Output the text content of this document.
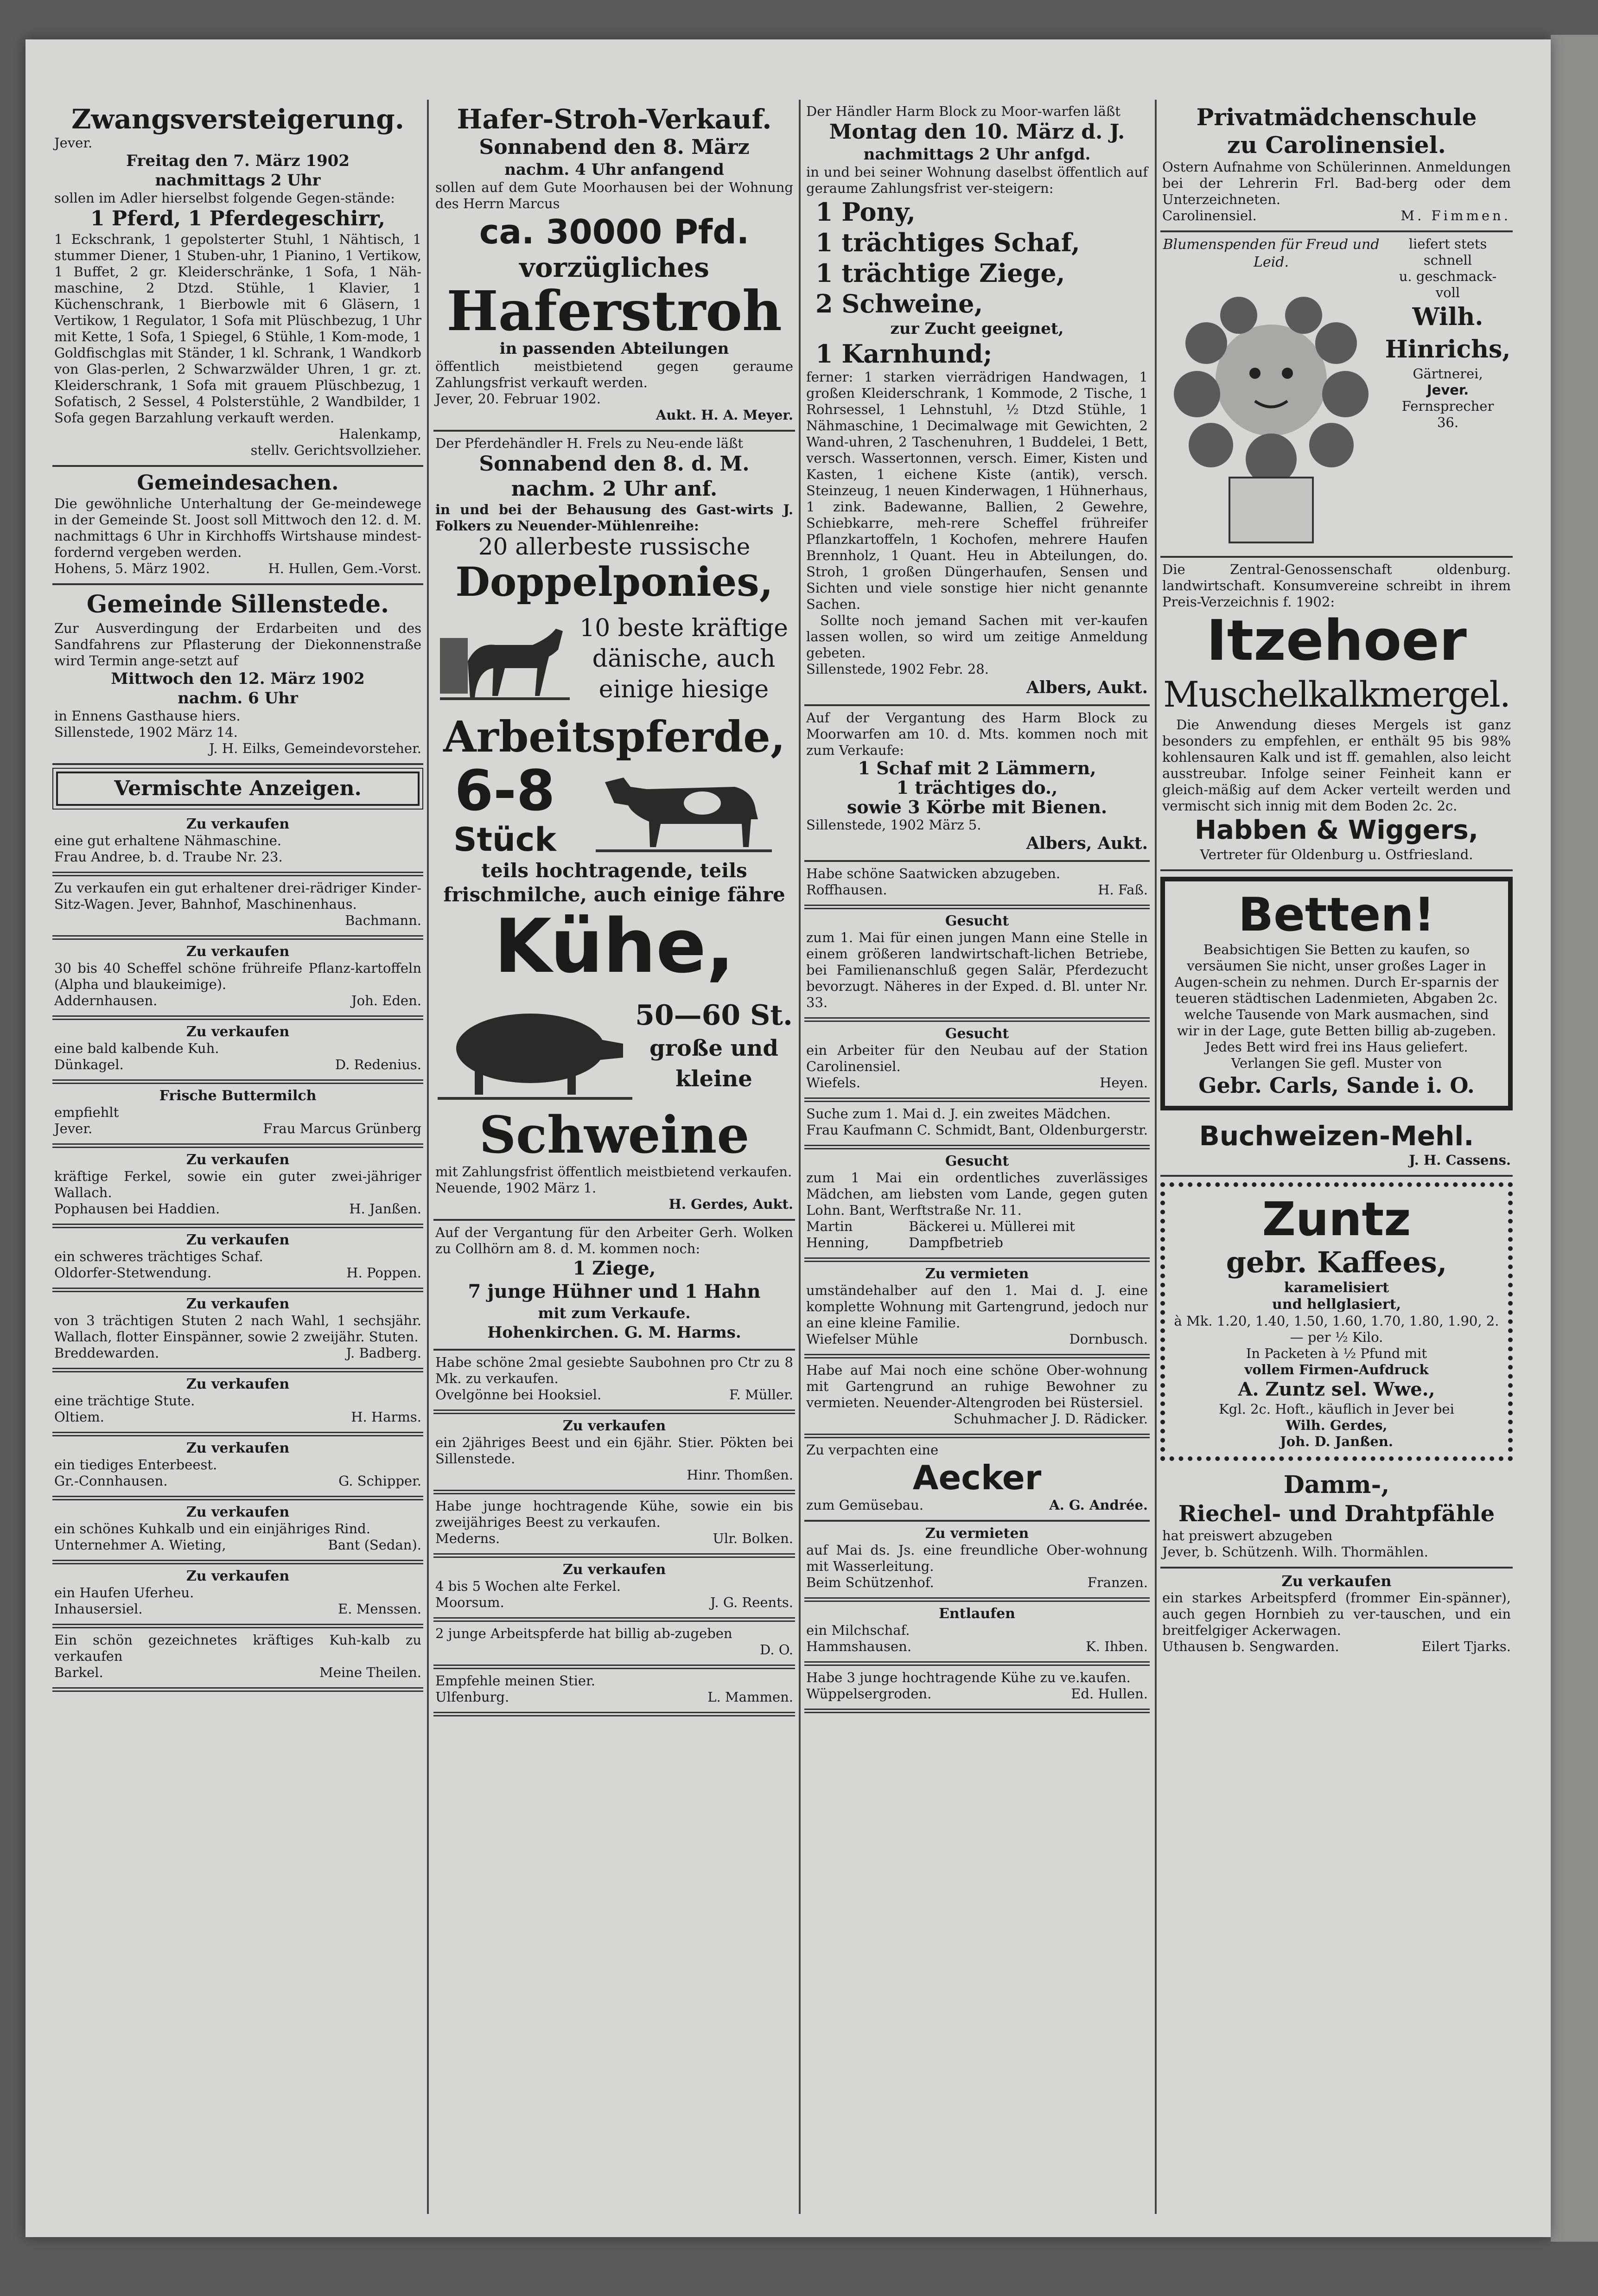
Zwangsversteigerung.

Jever.

Freitag den 7. März 1902
nachmittags 2 Uhr

sollen im Adler hierselbst folgende Gegen-stände:

1 Pferd, 1 Pferdegeschirr,

1 Eckschrank, 1 gepolsterter Stuhl, 1 Nähtisch, 1 stummer Diener, 1 Stuben-uhr, 1 Pianino, 1 Vertikow, 1 Buffet, 2 gr. Kleiderschränke, 1 Sofa, 1 Näh-maschine, 2 Dtzd. Stühle, 1 Klavier, 1 Küchenschrank, 1 Bierbowle mit 6 Gläsern, 1 Vertikow, 1 Regulator, 1 Sofa mit Plüschbezug, 1 Uhr mit Kette, 1 Sofa, 1 Spiegel, 6 Stühle, 1 Kom-mode, 1 Goldfischglas mit Ständer, 1 kl. Schrank, 1 Wandkorb von Glas-perlen, 2 Schwarzwälder Uhren, 1 gr. zt. Kleiderschrank, 1 Sofa mit grauem Plüschbezug, 1 Sofatisch, 2 Sessel, 4 Polsterstühle, 2 Wandbilder, 1 Sofa gegen Barzahlung verkauft werden.

Halenkamp,

stellv. Gerichtsvollzieher.

Gemeindesachen.

Die gewöhnliche Unterhaltung der Ge-meindewege in der Gemeinde St. Joost soll Mittwoch den 12. d. M. nachmittags 6 Uhr in Kirchhoffs Wirtshause mindest-fordernd vergeben werden.

Hohens, 5. März 1902.	H. Hullen, Gem.-Vorst.
Gemeinde Sillenstede.

Zur Ausverdingung der Erdarbeiten und des Sandfahrens zur Pflasterung der Diekonnenstraße wird Termin ange-setzt auf

Mittwoch den 12. März 1902
nachm. 6 Uhr

in Ennens Gasthause hiers.

Sillenstede, 1902 März 14.

J. H. Eilks, Gemeindevorsteher.

Vermischte Anzeigen.
Zu verkaufen

eine gut erhaltene Nähmaschine.

Frau Andree, b. d. Traube Nr. 23.

Zu verkaufen ein gut erhaltener drei-rädriger Kinder-Sitz-Wagen. Jever, Bahnhof, Maschinenhaus.

Bachmann.
Zu verkaufen

30 bis 40 Scheffel schöne frühreife Pflanz-kartoffeln (Alpha und blaukeimige).

Addernhausen.	Joh. Eden.
Zu verkaufen

eine bald kalbende Kuh.

Dünkagel.	D. Redenius.
Frische Buttermilch

empfiehlt

Jever.	Frau Marcus Grünberg
Zu verkaufen

kräftige Ferkel, sowie ein guter zwei-jähriger Wallach.

Pophausen bei Haddien.	H. Janßen.
Zu verkaufen

ein schweres trächtiges Schaf.

Oldorfer-Stetwendung.	H. Poppen.
Zu verkaufen

von 3 trächtigen Stuten 2 nach Wahl, 1 sechsjähr. Wallach, flotter Einspänner, sowie 2 zweijähr. Stuten.

Breddewarden.	J. Badberg.
Zu verkaufen

eine trächtige Stute.

Oltiem.	H. Harms.
Zu verkaufen

ein tiediges Enterbeest.

Gr.-Connhausen.	G. Schipper.
Zu verkaufen

ein schönes Kuhkalb und ein einjähriges Rind.

Unternehmer A. Wieting,	Bant (Sedan).
Zu verkaufen

ein Haufen Uferheu.

Inhausersiel.	E. Menssen.

Ein schön gezeichnetes kräftiges Kuh-kalb zu verkaufen

Barkel.	Meine Theilen.
Hafer-Stroh-Verkauf.
Sonnabend den 8. März
nachm. 4 Uhr anfangend

sollen auf dem Gute Moorhausen bei der Wohnung des Herrn Marcus

ca. 30000 Pfd.
vorzügliches
Haferstroh
in passenden Abteilungen

öffentlich meistbietend gegen geraume Zahlungsfrist verkauft werden.

Jever, 20. Februar 1902.

Aukt. H. A. Meyer.

Der Pferdehändler H. Frels zu Neu-ende läßt

Sonnabend den 8. d. M.
nachm. 2 Uhr anf.

in und bei der Behausung des Gast-wirts J. Folkers zu Neuender-Mühlenreihe:

20 allerbeste russische
Doppelponies,
10 beste kräftige
dänische, auch
einige hiesige
Arbeitspferde,
6-8
Stück
teils hochtragende, teils frischmilche, auch einige fähre
Kühe,
50—60 St.
große und
kleine
Schweine

mit Zahlungsfrist öffentlich meistbietend verkaufen.

Neuende, 1902 März 1.

H. Gerdes, Aukt.

Auf der Vergantung für den Arbeiter Gerh. Wolken zu Collhörn am 8. d. M. kommen noch:

1 Ziege,
7 junge Hühner und 1 Hahn
mit zum Verkaufe.
Hohenkirchen. G. M. Harms.

Habe schöne 2mal gesiebte Saubohnen pro Ctr zu 8 Mk. zu verkaufen.

Ovelgönne bei Hooksiel.	F. Müller.
Zu verkaufen

ein 2jähriges Beest und ein 6jähr. Stier. Pökten bei Sillenstede.

Hinr. Thomßen.

Habe junge hochtragende Kühe, sowie ein bis zweijähriges Beest zu verkaufen.

Mederns.	Ulr. Bolken.
Zu verkaufen

4 bis 5 Wochen alte Ferkel.

Moorsum.	J. G. Reents.

2 junge Arbeitspferde hat billig ab-zugeben

D. O.

Empfehle meinen Stier.

Ulfenburg.	L. Mammen.

Der Händler Harm Block zu Moor-warfen läßt

Montag den 10. März d. J.
nachmittags 2 Uhr anfgd.

in und bei seiner Wohnung daselbst öffentlich auf geraume Zahlungsfrist ver-steigern:

1 Pony,
1 trächtiges Schaf,
1 trächtige Ziege,
2 Schweine,
zur Zucht geeignet,
1 Karnhund;

ferner: 1 starken vierrädrigen Handwagen, 1 großen Kleiderschrank, 1 Kommode, 2 Tische, 1 Rohrsessel, 1 Lehnstuhl, ½ Dtzd Stühle, 1 Nähmaschine, 1 Decimalwage mit Gewichten, 2 Wand-uhren, 2 Taschenuhren, 1 Buddelei, 1 Bett, versch. Wassertonnen, versch. Eimer, Kisten und Kasten, 1 eichene Kiste (antik), versch. Steinzeug, 1 neuen Kinderwagen, 1 Hühnerhaus, 1 zink. Badewanne, Ballien, 2 Gewehre, Schiebkarre, meh-rere Scheffel frühreifer Pflanzkartoffeln, 1 Kochofen, mehrere Haufen Brennholz, 1 Quant. Heu in Abteilungen, do. Stroh, 1 großen Düngerhaufen, Sensen und Sichten und viele sonstige hier nicht genannte Sachen.

Sollte noch jemand Sachen mit ver-kaufen lassen wollen, so wird um zeitige Anmeldung gebeten.

Sillenstede, 1902 Febr. 28.

Albers, Aukt.

Auf der Vergantung des Harm Block zu Moorwarfen am 10. d. Mts. kommen noch mit zum Verkaufe:

1 Schaf mit 2 Lämmern,
1 trächtiges do.,
sowie 3 Körbe mit Bienen.

Sillenstede, 1902 März 5.

Albers, Aukt.

Habe schöne Saatwicken abzugeben.

Roffhausen.	H. Faß.
Gesucht

zum 1. Mai für einen jungen Mann eine Stelle in einem größeren landwirtschaft-lichen Betriebe, bei Familienanschluß gegen Salär, Pferdezucht bevorzugt. Näheres in der Exped. d. Bl. unter Nr. 33.

Gesucht

ein Arbeiter für den Neubau auf der Station Carolinensiel.

Wiefels.	Heyen.

Suche zum 1. Mai d. J. ein zweites Mädchen.

Frau Kaufmann C. Schmidt, Bant, Oldenburgerstr.
Gesucht

zum 1 Mai ein ordentliches zuverlässiges Mädchen, am liebsten vom Lande, gegen guten Lohn. Bant, Werftstraße Nr. 11.

Martin Henning,
Bäckerei u. Müllerei mit Dampfbetrieb
Zu vermieten

umständehalber auf den 1. Mai d. J. eine komplette Wohnung mit Gartengrund, jedoch nur an eine kleine Familie.

Wiefelser Mühle	Dornbusch.

Habe auf Mai noch eine schöne Ober-wohnung mit Gartengrund an ruhige Bewohner zu vermieten. Neuender-Altengroden bei Rüstersiel.

Schuhmacher J. D. Rädicker.

Zu verpachten eine

Aecker
zum Gemüsebau.	A. G. Andrée.
Zu vermieten

auf Mai ds. Js. eine freundliche Ober-wohnung mit Wasserleitung.

Beim Schützenhof.	Franzen.
Entlaufen

ein Milchschaf.

Hammshausen.	K. Ihben.

Habe 3 junge hochtragende Kühe zu ve.kaufen.

Wüppelsergroden.	Ed. Hullen.
Privatmädchenschule
zu Carolinensiel.

Ostern Aufnahme von Schülerinnen. Anmeldungen bei der Lehrerin Frl. Bad-berg oder dem Unterzeichneten.

Carolinensiel.	M. Fimmen.
Blumenspenden für Freud und Leid.

liefert stets

schnell

u. geschmack-

voll

Wilh.
Hinrichs,

Gärtnerei,

Jever.

Fernsprecher

36.

Die Zentral-Genossenschaft oldenburg. landwirtschaft. Konsumvereine schreibt in ihrem Preis-Verzeichnis f. 1902:

Itzehoer
Muschelkalkmergel.

Die Anwendung dieses Mergels ist ganz besonders zu empfehlen, er enthält 95 bis 98% kohlensauren Kalk und ist ff. gemahlen, also leicht ausstreubar. Infolge seiner Feinheit kann er gleich-mäßig auf dem Acker verteilt werden und vermischt sich innig mit dem Boden 2c. 2c.

Habben & Wiggers,

Vertreter für Oldenburg u. Ostfriesland.

Betten!

Beabsichtigen Sie Betten zu kaufen, so versäumen Sie nicht, unser großes Lager in Augen-schein zu nehmen. Durch Er-sparnis der teueren städtischen Ladenmieten, Abgaben 2c. welche Tausende von Mark ausmachen, sind wir in der Lage, gute Betten billig ab-zugeben. Jedes Bett wird frei ins Haus geliefert. Verlangen Sie gefl. Muster von

Gebr. Carls, Sande i. O.
Buchweizen-Mehl.

J. H. Cassens.

Zuntz
gebr. Kaffees,
karamelisiert
und hellglasiert,

à Mk. 1.20, 1.40, 1.50, 1.60, 1.70, 1.80, 1.90, 2.— per ½ Kilo.

In Packeten à ½ Pfund mit

vollem Firmen-Aufdruck

A. Zuntz sel. Wwe.,

Kgl. 2c. Hoft., käuflich in Jever bei

Wilh. Gerdes,

Joh. D. Janßen.

Damm-,
Riechel- und Drahtpfähle

hat preiswert abzugeben

Jever, b. Schützenh. Wilh. Thormählen.

Zu verkaufen

ein starkes Arbeitspferd (frommer Ein-spänner), auch gegen Hornbieh zu ver-tauschen, und ein breitfelgiger Ackerwagen.

Uthausen b. Sengwarden.	Eilert Tjarks.
